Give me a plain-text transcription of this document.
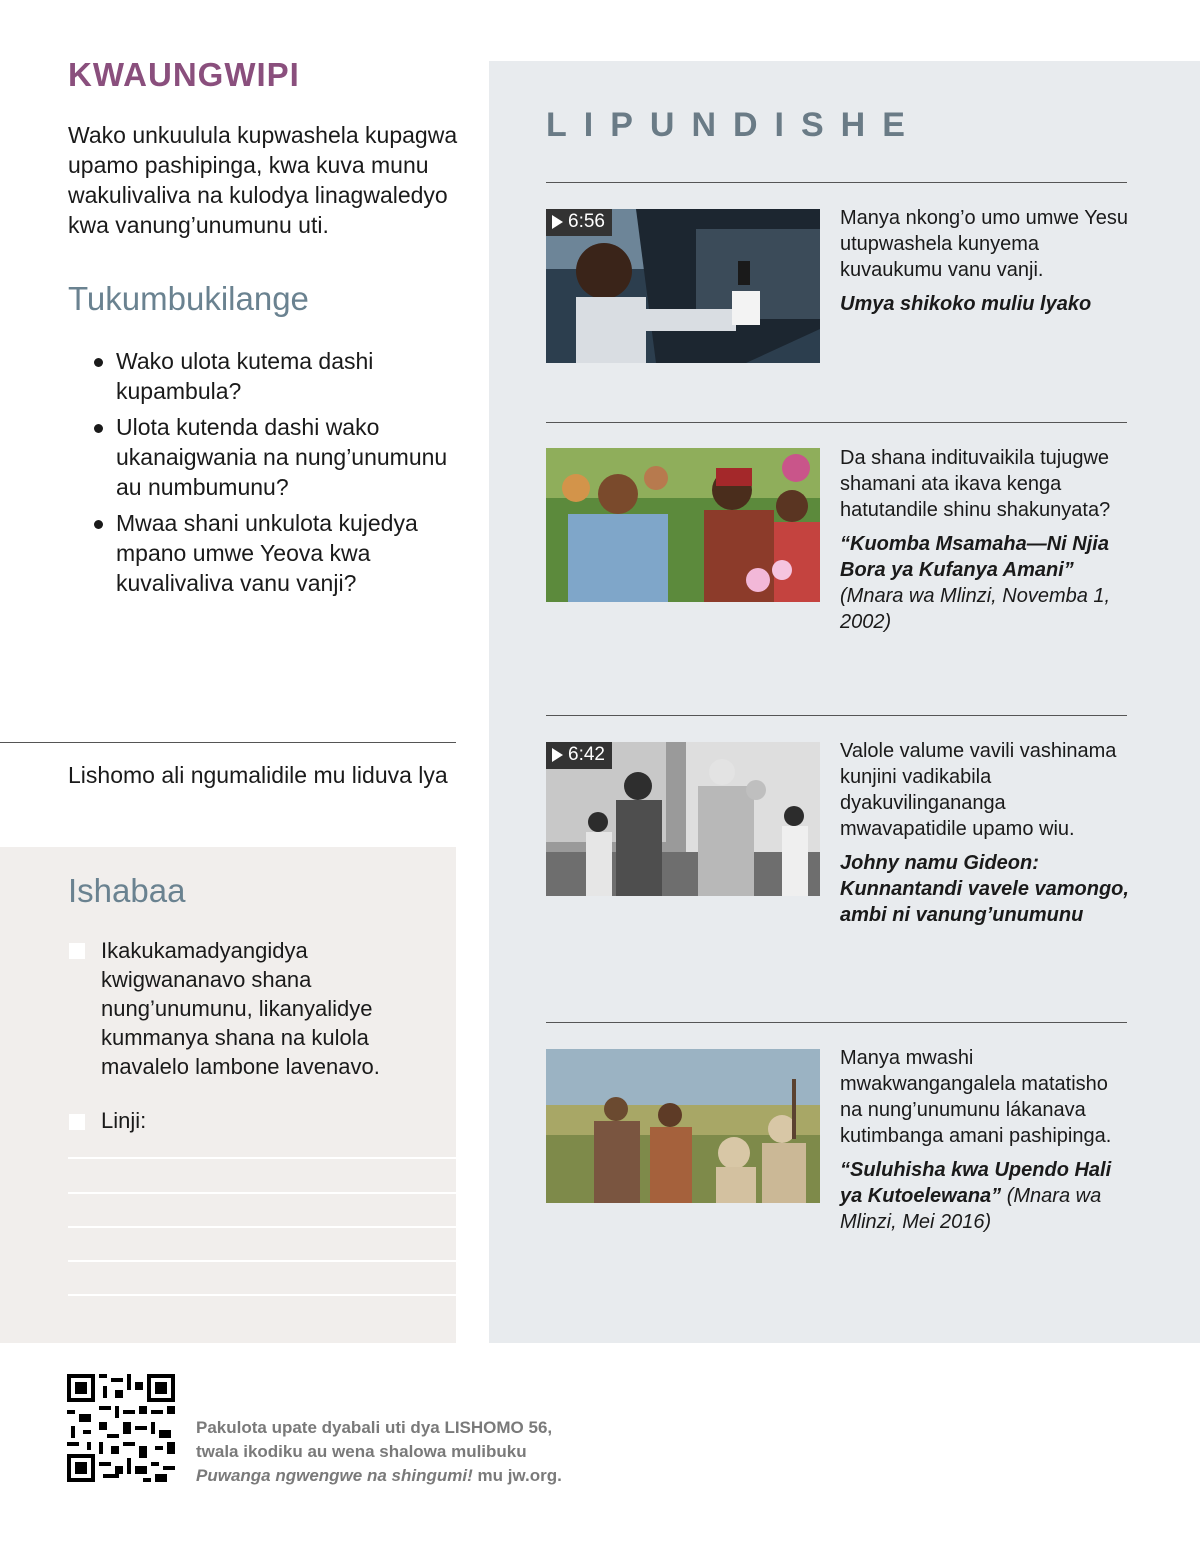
KWAUNGWIPI
Wako unkuulula kupwashela kupagwa upamo pashipinga, kwa kuva munu wakulivaliva na kulodya linagwaledyo kwa vanung’unumunu uti.
Tukumbukilange
Wako ulota kutema dashi kupambula?
Ulota kutenda dashi wako ukanaigwania na nung’unumunu au numbumunu?
Mwaa shani unkulota kujedya mpano umwe Yeova kwa kuvalivaliva vanu vanji?
Lishomo ali ngumalidile mu liduva lya
Ishabaa
Ikakukamadyangidya kwigwananavo shana nung’unumunu, likanyalidye kummanya shana na kulola mavalelo lambone lavenavo.
Linji:
LIPUNDISHE
6:56	Manya nkong’o umo umwe Yesu utupwashela kunyema kuvaukumu vanu vanji.
Umya shikoko muliu lyako
Da shana indituvaikila tujugwe shamani ata ikava kenga hatutandile shinu shakunyata?
“Kuomba Msamaha—Ni Njia Bora ya Kufanya Amani” (Mnara wa Mlinzi, Novemba 1, 2002)
6:42	Valole valume vavili vashinama kunjini vadikabila dyakuvilingananga mwavapatidile upamo wiu.
Johny namu Gideon: Kunnantandi vavele vamongo, ambi ni vanung’unumunu
Manya mwashi mwakwangangalela matatisho na nung’unumunu lákanava kutimbanga amani pashipinga.
“Suluhisha kwa Upendo Hali ya Kutoelewana” (Mnara wa Mlinzi, Mei 2016)
Pakulota upate dyabali uti dya LISHOMO 56,
twala ikodiku au wena shalowa mulibuku
Puwanga ngwengwe na shingumi! mu jw.org.
